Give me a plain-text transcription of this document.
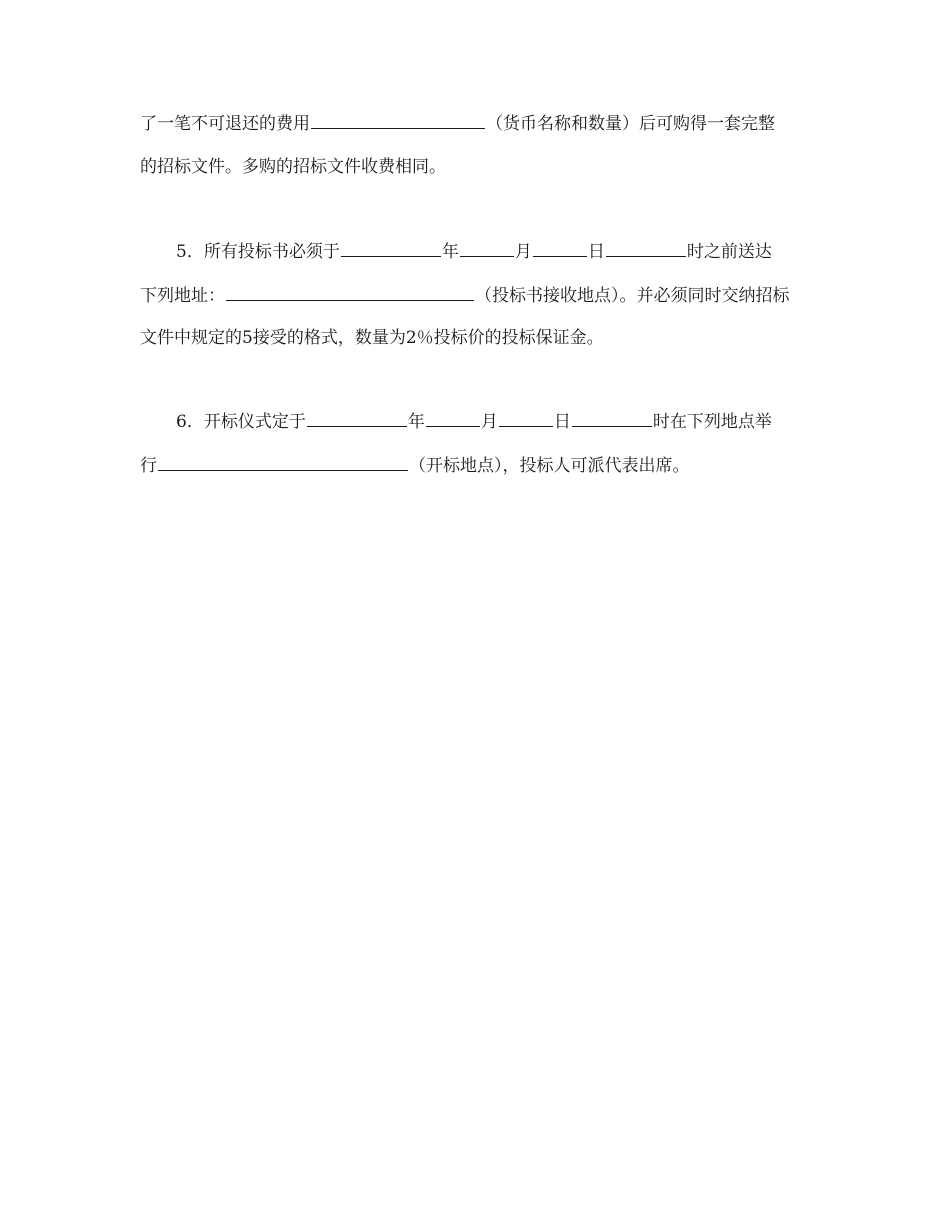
了一笔不可退还的费用	（货币名称和数量）后可购得一套完整
的招标文件。多购的招标文件收费相同。
5．所有投标书必须于	年	月	日	时之前送达
下列地址：	（投标书接收地点）。并必须同时交纳招标
文件中规定的5接受的格式，数量为2％投标价的投标保证金。
6．开标仪式定于	年	月	日	时在下列地点举
行	（开标地点），投标人可派代表出席。
